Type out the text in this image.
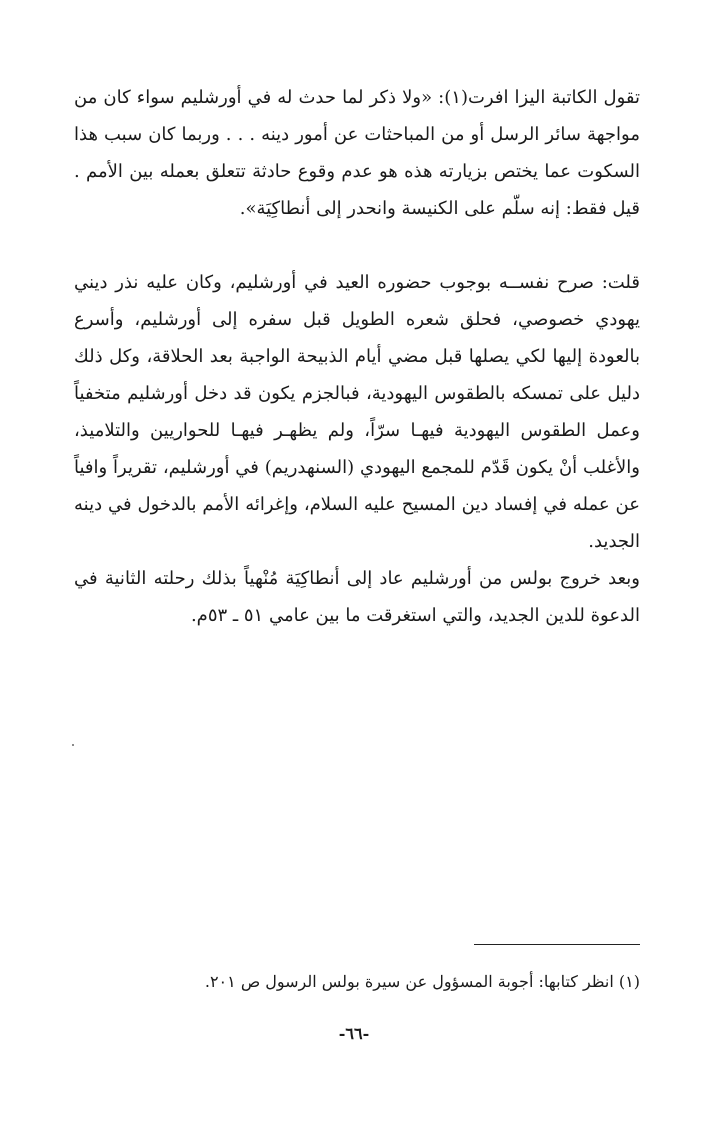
تقول الكاتبة اليزا افرت(١): «ولا ذكر لما حدث له في أورشليم سواء كان من مواجهة سائر الرسل أو من المباحثات عن أمور دينه . . . وربما كان سبب هذا السكوت عما يختص بزيارته هذه هو عدم وقوع حادثة تتعلق بعمله بين الأمم . قيل فقط: إنه سلّم على الكنيسة وانحدر إلى أنطاكِيَة».

قلت: صرح نفســه بوجوب حضوره العيد في أورشليم، وكان عليه نذر ديني يهودي خصوصي، فحلق شعره الطويل قبل سفره إلى أورشليم، وأسرع بالعودة إليها لكي يصلها قبل مضي أيام الذبيحة الواجبة بعد الحلاقة، وكل ذلك دليل على تمسكه بالطقوس اليهودية، فبالجزم يكون قد دخل أورشليم متخفياً وعمل الطقوس اليهودية فيهـا سرّاً، ولم يظهـر فيهـا للحواريين والتلاميذ، والأغلب أنْ يكون قَدّم للمجمع اليهودي (السنهدريم) في أورشليم، تقريراً وافياً عن عمله في إفساد دين المسيح عليه السلام، وإغرائه الأمم بالدخول في دينه الجديد.

وبعد خروج بولس من أورشليم عاد إلى أنطاكِيَة مُنْهياً بذلك رحلته الثانية في الدعوة للدين الجديد، والتي استغرقت ما بين عامي ٥١ ـ ٥٣م.

(١) انظر كتابها: أجوبة المسؤول عن سيرة بولس الرسول ص ٢٠١.

-٦٦-
